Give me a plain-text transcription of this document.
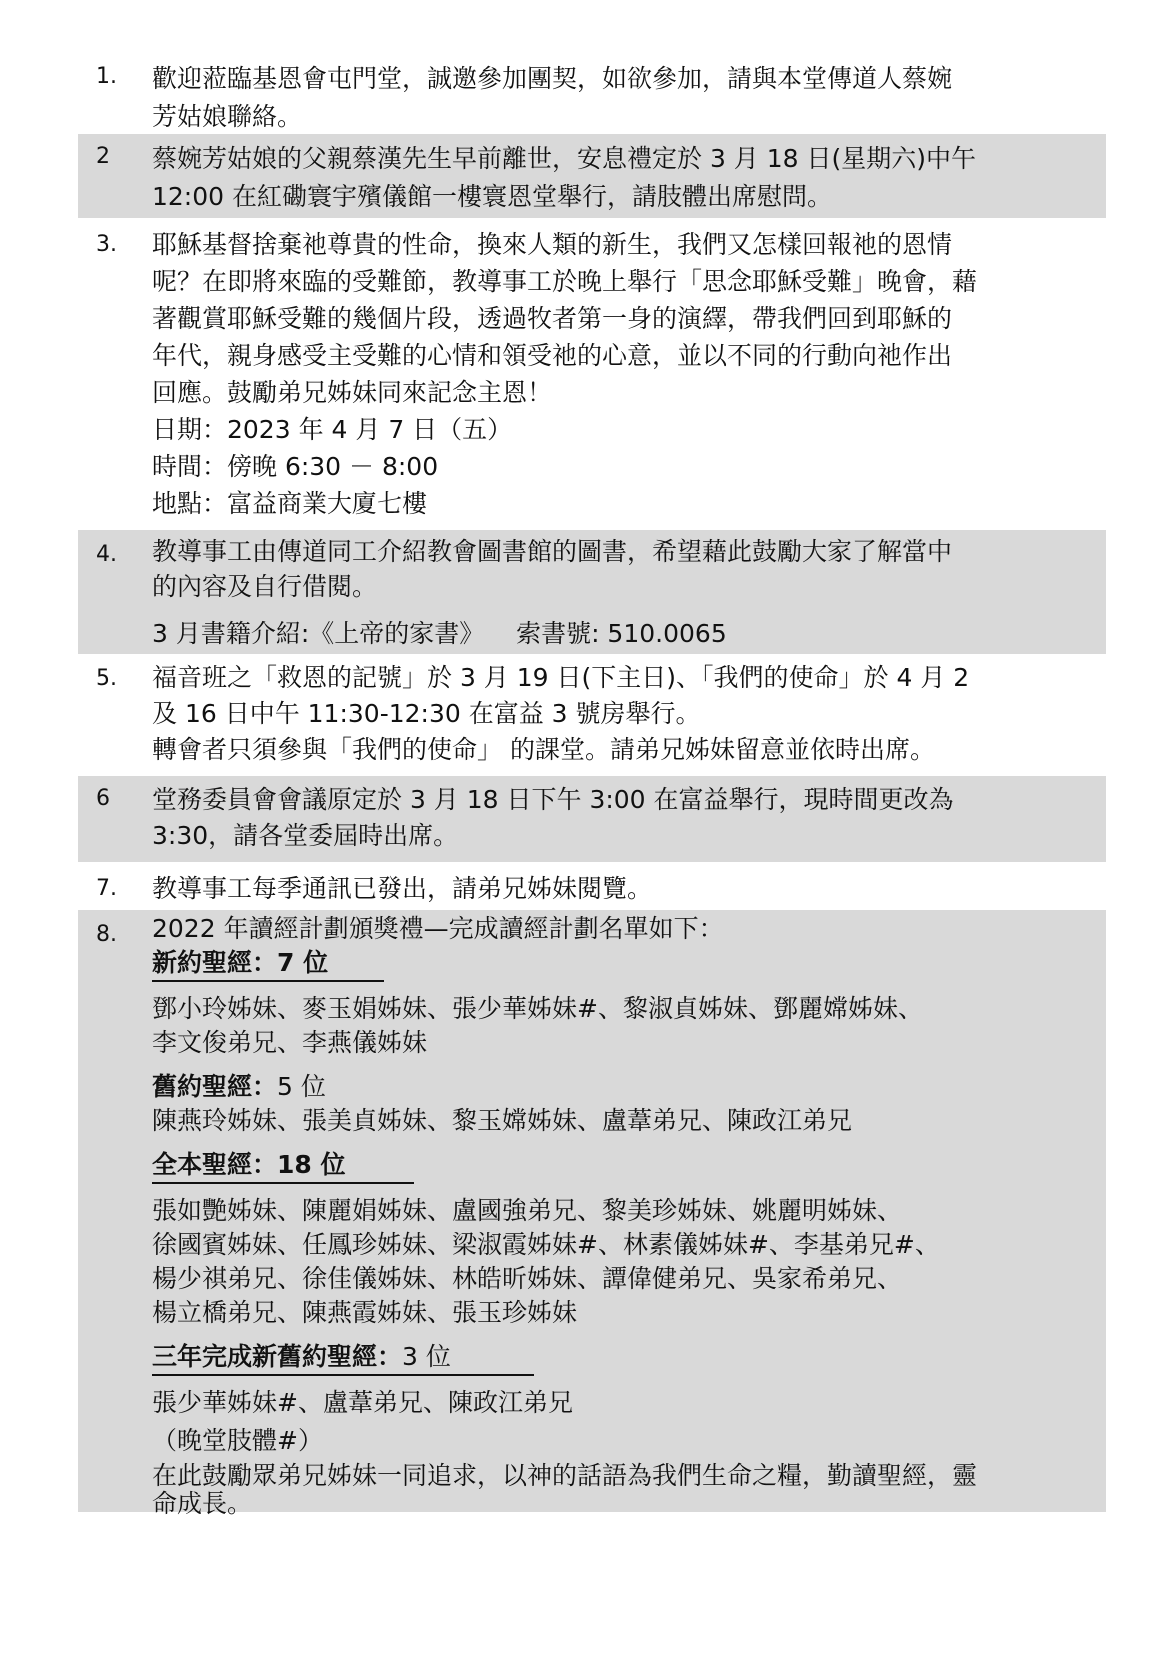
1. 歡迎蒞臨基恩會屯門堂，誠邀參加團契，如欲參加，請與本堂傳道人蔡婉
芳姑娘聯絡。
2 蔡婉芳姑娘的父親蔡漢先生早前離世，安息禮定於 3 月 18 日(星期六)中午
12:00 在紅磡寰宇殯儀館一樓寰恩堂舉行，請肢體出席慰問。
3. 耶穌基督捨棄祂尊貴的性命，換來人類的新生，我們又怎樣回報祂的恩情
呢？在即將來臨的受難節，教導事工於晚上舉行「思念耶穌受難」晚會，藉
著觀賞耶穌受難的幾個片段，透過牧者第一身的演繹，帶我們回到耶穌的
年代，親身感受主受難的心情和領受祂的心意，並以不同的行動向祂作出
回應。鼓勵弟兄姊妹同來記念主恩！
日期：2023 年 4 月 7 日（五）
時間：傍晚 6:30 － 8:00
地點：富益商業大廈七樓
4. 教導事工由傳道同工介紹教會圖書館的圖書，希望藉此鼓勵大家了解當中
的內容及自行借閱。
3 月書籍介紹:《上帝的家書》    索書號: 510.0065
5. 福音班之「救恩的記號」於 3 月 19 日(下主日)、「我們的使命」於 4 月 2
及 16 日中午 11:30-12:30 在富益 3 號房舉行。
轉會者只須參與「我們的使命」 的課堂。請弟兄姊妹留意並依時出席。
6 堂務委員會會議原定於 3 月 18 日下午 3:00 在富益舉行，現時間更改為
3:30，請各堂委屆時出席。
7. 教導事工每季通訊已發出，請弟兄姊妹閱覽。
8. 2022 年讀經計劃頒獎禮—完成讀經計劃名單如下：
新約聖經：7 位
鄧小玲姊妹、麥玉娟姊妹、張少華姊妹#、黎淑貞姊妹、鄧麗嫦姊妹、
李文俊弟兄、李燕儀姊妹
舊約聖經：5 位
陳燕玲姊妹、張美貞姊妹、黎玉嫦姊妹、盧葦弟兄、陳政江弟兄
全本聖經：18 位
張如艷姊妹、陳麗娟姊妹、盧國強弟兄、黎美珍姊妹、姚麗明姊妹、
徐國賓姊妹、任鳳珍姊妹、梁淑霞姊妹#、林素儀姊妹#、李基弟兄#、
楊少祺弟兄、徐佳儀姊妹、林皓昕姊妹、譚偉健弟兄、吳家希弟兄、
楊立橋弟兄、陳燕霞姊妹、張玉珍姊妹
三年完成新舊約聖經：3 位
張少華姊妹#、盧葦弟兄、陳政江弟兄
（晚堂肢體#）
在此鼓勵眾弟兄姊妹一同追求，以神的話語為我們生命之糧，勤讀聖經，靈
命成長。
